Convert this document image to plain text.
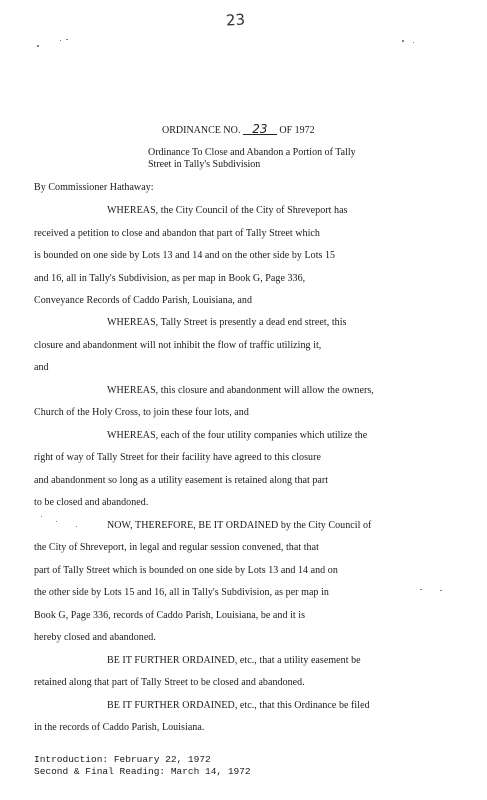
23
ORDINANCE NO. 23 OF 1972
Ordinance To Close and Abandon a Portion of Tally
Street in Tally's Subdivision
By Commissioner Hathaway:
WHEREAS, the City Council of the City of Shreveport has
received a petition to close and abandon that part of Tally Street which
is bounded on one side by Lots 13 and 14 and on the other side by Lots 15
and 16, all in Tally's Subdivision, as per map in Book G, Page 336,
Conveyance Records of Caddo Parish, Louisiana, and
WHEREAS, Tally Street is presently a dead end street, this
closure and abandonment will not inhibit the flow of traffic utilizing it,
and
WHEREAS, this closure and abandonment will allow the owners,
Church of the Holy Cross, to join these four lots, and
WHEREAS, each of the four utility companies which utilize the
right of way of Tally Street for their facility have agreed to this closure
and abandonment so long as a utility easement is retained along that part
to be closed and abandoned.
NOW, THEREFORE, BE IT ORDAINED by the City Council of
the City of Shreveport, in legal and regular session convened, that that
part of Tally Street which is bounded on one side by Lots 13 and 14 and on
the other side by Lots 15 and 16, all in Tally's Subdivision, as per map in
Book G, Page 336, records of Caddo Parish, Louisiana, be and it is
hereby closed and abandoned.
BE IT FURTHER ORDAINED, etc., that a utility easement be
retained along that part of Tally Street to be closed and abandoned.
BE IT FURTHER ORDAINED, etc., that this Ordinance be filed
in the records of Caddo Parish, Louisiana.
Introduction: February 22, 1972
Second & Final Reading: March 14, 1972
